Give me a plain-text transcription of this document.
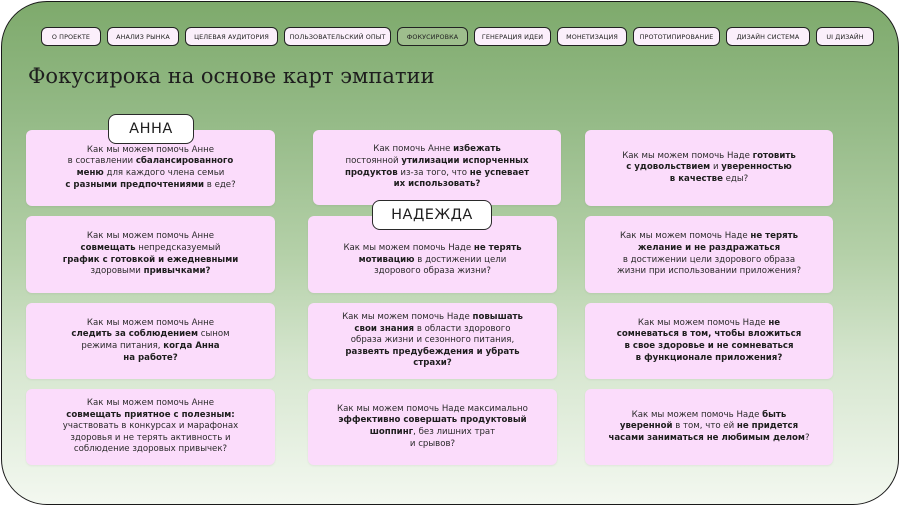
О ПРОЕКТЕ	АНАЛИЗ РЫНКА	ЦЕЛЕВАЯ АУДИТОРИЯ	ПОЛЬЗОВАТЕЛЬСКИЙ ОПЫТ	ФОКУСИРОВКА	ГЕНЕРАЦИЯ ИДЕИ	МОНЕТИЗАЦИЯ	ПРОТОТИПИРОВАНИЕ	ДИЗАЙН СИСТЕМА	UI ДИЗАЙН
Фокусирока на основе карт эмпатии
Как мы можем помочь Анне
в составлении сбалансированного
меню для каждого члена семьи
с разными предпочтениями в еде?
Как мы можем помочь Анне
совмещать непредсказуемый
график с готовкой и ежедневными
здоровыми привычками?
Как мы можем помочь Анне
следить за соблюдением сыном
режима питания, когда Анна
на работе?
Как мы можем помочь Анне
совмещать приятное с полезным:
участвовать в конкурсах и марафонах
здоровья и не терять активность и
соблюдение здоровых привычек?
Как помочь Анне избежать
постоянной утилизации испорченных
продуктов из-за того, что не успевает
их использовать?
Как мы можем помочь Наде не терять
мотивацию в достижении цели
здорового образа жизни?
Как мы можем помочь Наде повышать
свои знания в области здорового
образа жизни и сезонного питания,
развеять предубеждения и убрать
страхи?
Как мы можем помочь Наде максимально
эффективно совершать продуктовый
шоппинг, без лишних трат
и срывов?
Как мы можем помочь Наде готовить
с удовольствием и уверенностью
в качестве еды?
Как мы можем помочь Наде не терять
желание и не раздражаться
в достижении цели здорового образа
жизни при использовании приложения?
Как мы можем помочь Наде не
сомневаться в том, чтобы вложиться
в свое здоровье и не сомневаться
в функционале приложения?
Как мы можем помочь Наде быть
уверенной в том, что ей не придется
часами заниматься не любимым делом?
АННА
НАДЕЖДА
